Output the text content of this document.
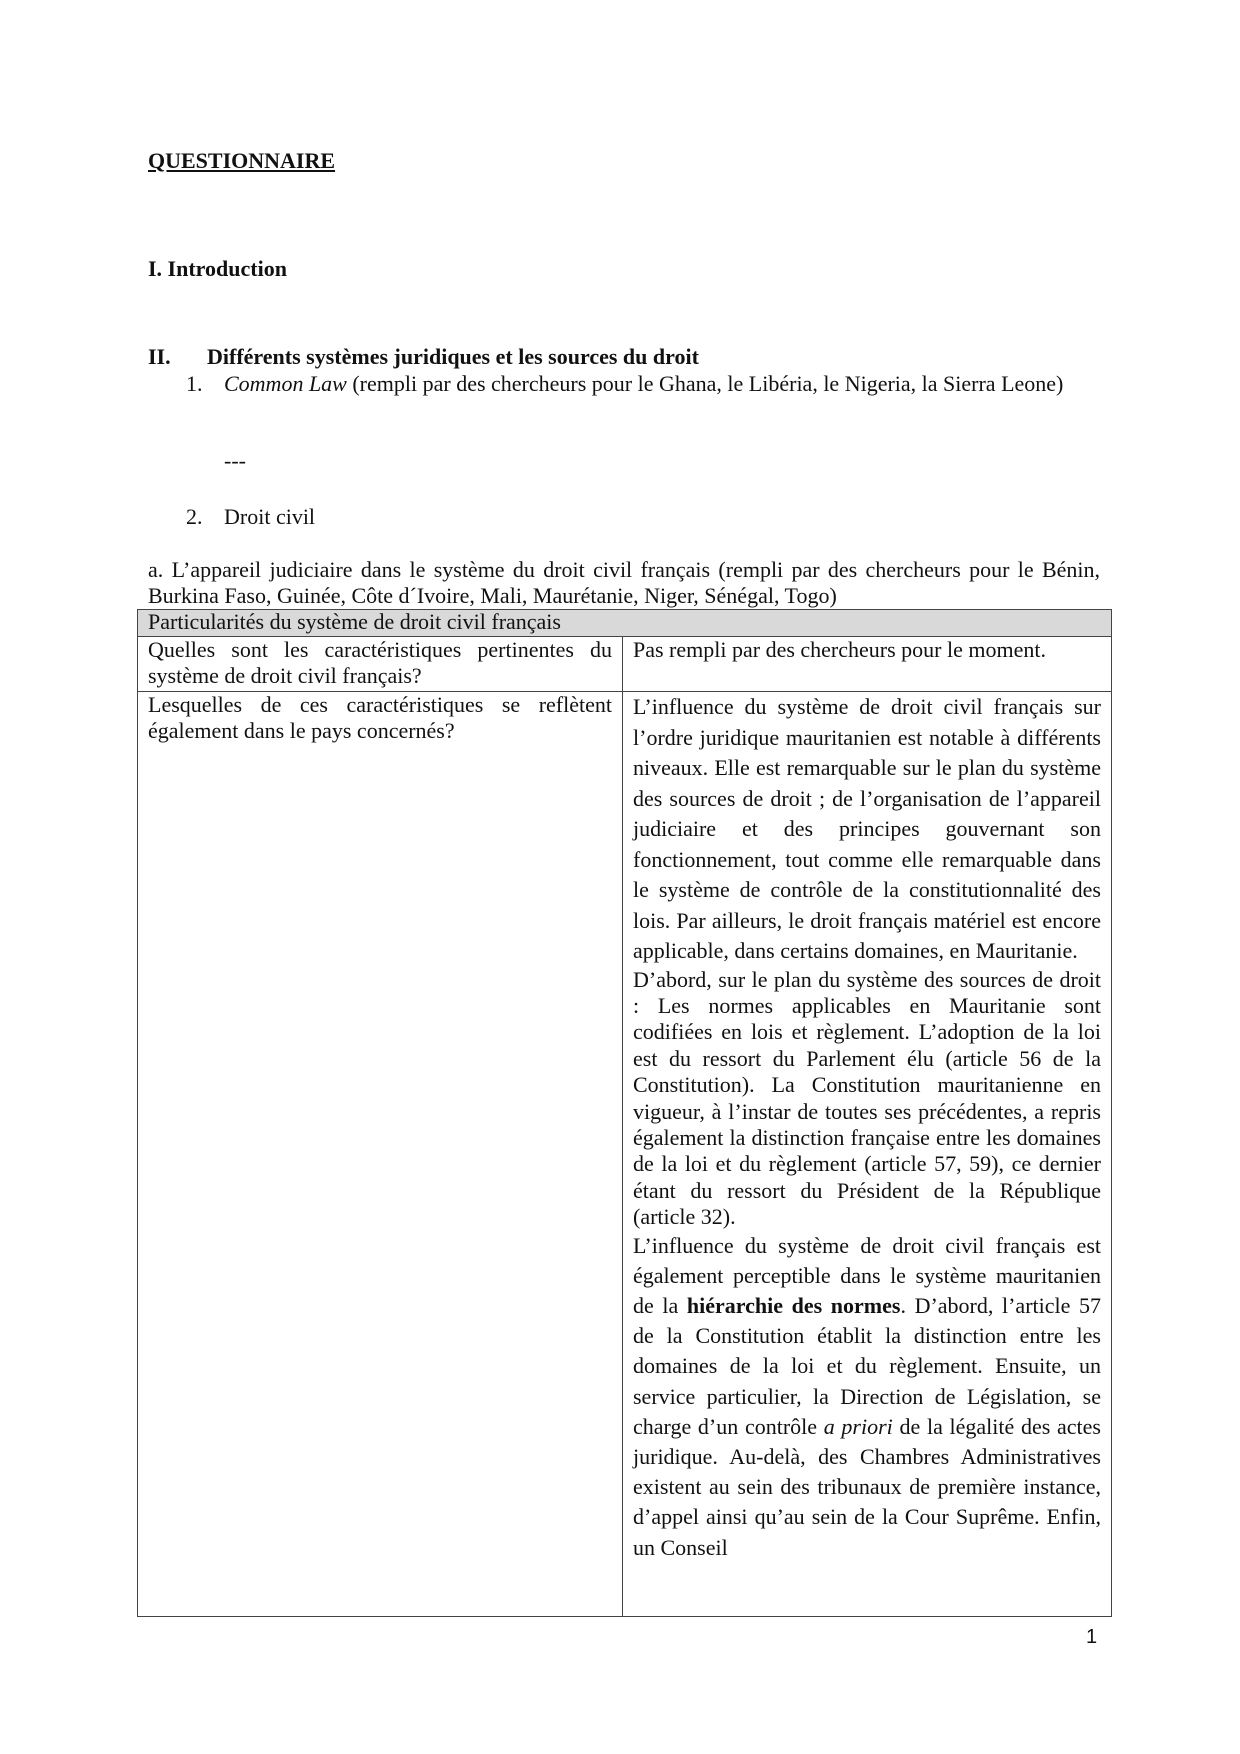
QUESTIONNAIRE
I. Introduction
II. Différents systèmes juridiques et les sources du droit
1. Common Law (rempli par des chercheurs pour le Ghana, le Libéria, le Nigeria, la Sierra Leone)
---
2. Droit civil
a. L’appareil judiciaire dans le système du droit civil français (rempli par des chercheurs pour le Bénin, Burkina Faso, Guinée, Côte d´Ivoire, Mali, Maurétanie, Niger, Sénégal, Togo)
Particularités du système de droit civil français	
Quelles sont les caractéristiques pertinentes du système de droit civil français?	Pas rempli par des chercheurs pour le moment.
Lesquelles de ces caractéristiques se reflètent également dans le pays concernés?	L’influence du système de droit civil français sur l’ordre juridique mauritanien est notable à différents niveaux. Elle est remarquable sur le plan du système des sources de droit ; de l’organisation de l’appareil judiciaire et des principes gouvernant son fonctionnement, tout comme elle remarquable dans le système de contrôle de la constitutionnalité des lois. Par ailleurs, le droit français matériel est encore applicable, dans certains domaines, en Mauritanie.

D’abord, sur le plan du système des sources de droit : Les normes applicables en Mauritanie sont codifiées en lois et règlement. L’adoption de la loi est du ressort du Parlement élu (article 56 de la Constitution). La Constitution mauritanienne en vigueur, à l’instar de toutes ses précédentes, a repris également la distinction française entre les domaines de la loi et du règlement (article 57, 59), ce dernier étant du ressort du Président de la République (article 32).

L’influence du système de droit civil français est également perceptible dans le système mauritanien de la hiérarchie des normes. D’abord, l’article 57 de la Constitution établit la distinction entre les domaines de la loi et du règlement. Ensuite, un service particulier, la Direction de Législation, se charge d’un contrôle a priori de la légalité des actes juridique. Au-delà, des Chambres Administratives existent au sein des tribunaux de première instance, d’appel ainsi qu’au sein de la Cour Suprême. Enfin, un Conseil

1
